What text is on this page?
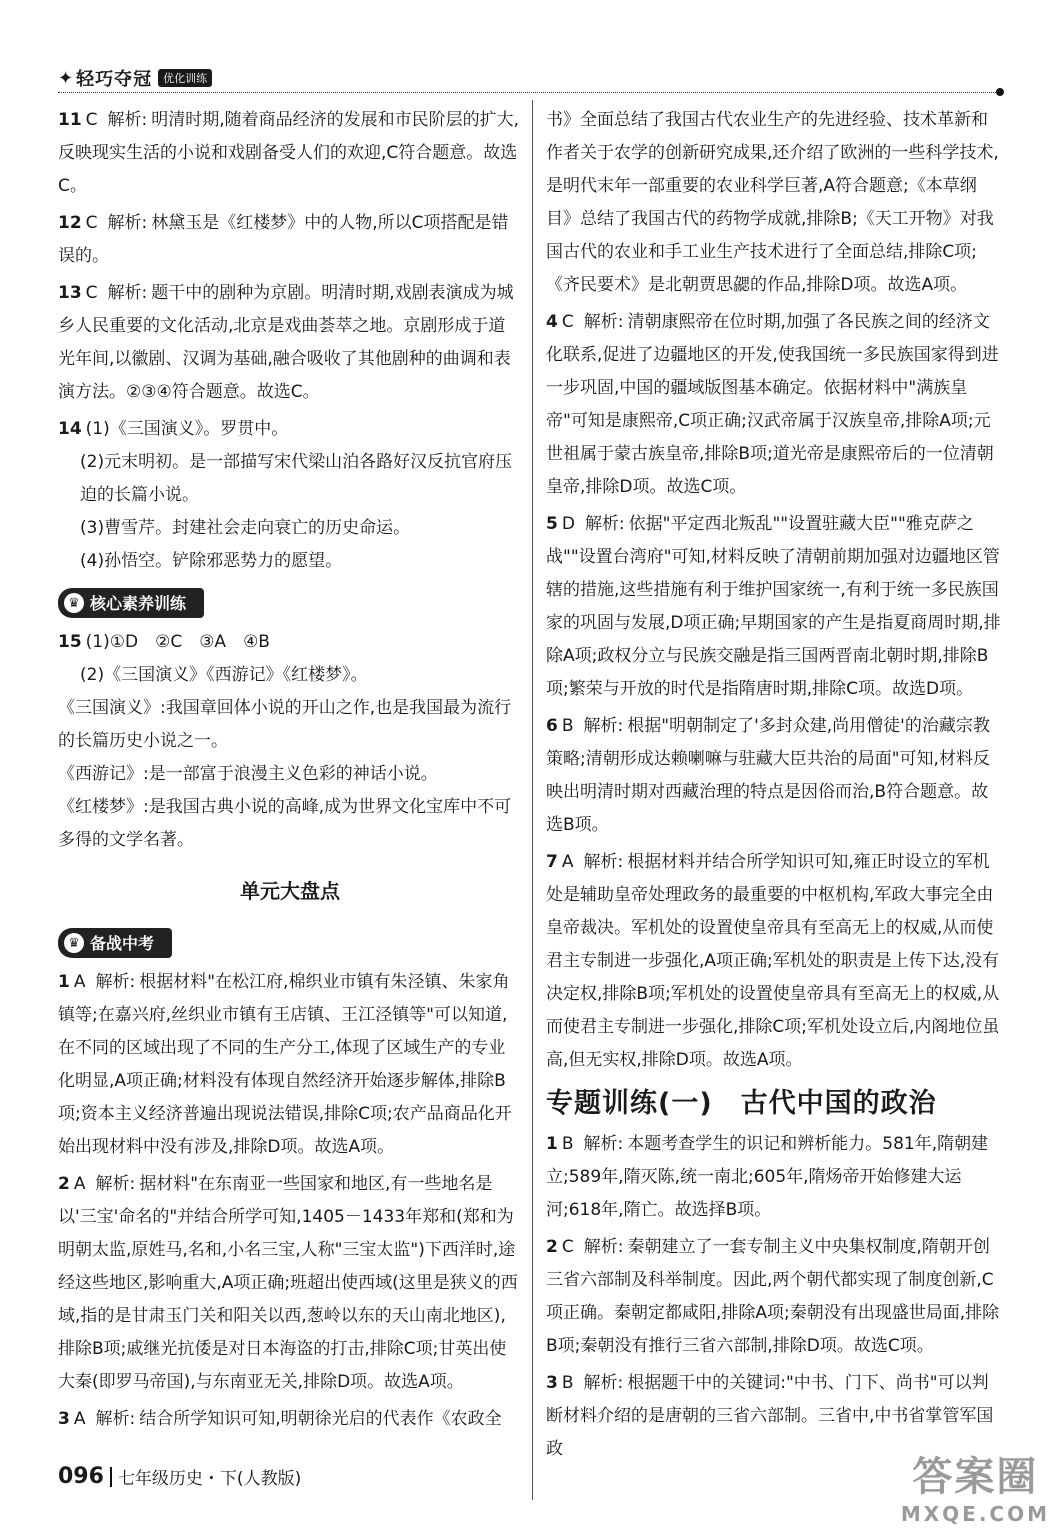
✦ 轻巧夺冠	优化训练
11 C 解析: 明清时期,随着商品经济的发展和市民阶层的扩大,反映现实生活的小说和戏剧备受人们的欢迎,C符合题意。故选C。
12 C 解析: 林黛玉是《红楼梦》中的人物,所以C项搭配是错误的。
13 C 解析: 题干中的剧种为京剧。明清时期,戏剧表演成为城乡人民重要的文化活动,北京是戏曲荟萃之地。京剧形成于道光年间,以徽剧、汉调为基础,融合吸收了其他剧种的曲调和表演方法。②③④符合题意。故选C。
14 (1)《三国演义》。罗贯中。
(2)元末明初。是一部描写宋代梁山泊各路好汉反抗官府压迫的长篇小说。
(3)曹雪芹。封建社会走向衰亡的历史命运。
(4)孙悟空。铲除邪恶势力的愿望。
♛ 核心素养训练
15 (1)①D　②C　③A　④B
(2)《三国演义》《西游记》《红楼梦》。
《三国演义》:我国章回体小说的开山之作,也是我国最为流行的长篇历史小说之一。
《西游记》:是一部富于浪漫主义色彩的神话小说。
《红楼梦》:是我国古典小说的高峰,成为世界文化宝库中不可多得的文学名著。
单元大盘点
♛ 备战中考
1 A 解析: 根据材料"在松江府,棉织业市镇有朱泾镇、朱家角镇等;在嘉兴府,丝织业市镇有王店镇、王江泾镇等"可以知道,在不同的区域出现了不同的生产分工,体现了区域生产的专业化明显,A项正确;材料没有体现自然经济开始逐步解体,排除B项;资本主义经济普遍出现说法错误,排除C项;农产品商品化开始出现材料中没有涉及,排除D项。故选A项。
2 A 解析: 据材料"在东南亚一些国家和地区,有一些地名是以'三宝'命名的"并结合所学可知,1405－1433年郑和(郑和为明朝太监,原姓马,名和,小名三宝,人称"三宝太监")下西洋时,途经这些地区,影响重大,A项正确;班超出使西域(这里是狭义的西域,指的是甘肃玉门关和阳关以西,葱岭以东的天山南北地区),排除B项;戚继光抗倭是对日本海盗的打击,排除C项;甘英出使大秦(即罗马帝国),与东南亚无关,排除D项。故选A项。
3 A 解析: 结合所学知识可知,明朝徐光启的代表作《农政全
书》全面总结了我国古代农业生产的先进经验、技术革新和作者关于农学的创新研究成果,还介绍了欧洲的一些科学技术,是明代末年一部重要的农业科学巨著,A符合题意;《本草纲目》总结了我国古代的药物学成就,排除B;《天工开物》对我国古代的农业和手工业生产技术进行了全面总结,排除C项;《齐民要术》是北朝贾思勰的作品,排除D项。故选A项。
4 C 解析: 清朝康熙帝在位时期,加强了各民族之间的经济文化联系,促进了边疆地区的开发,使我国统一多民族国家得到进一步巩固,中国的疆域版图基本确定。依据材料中"满族皇帝"可知是康熙帝,C项正确;汉武帝属于汉族皇帝,排除A项;元世祖属于蒙古族皇帝,排除B项;道光帝是康熙帝后的一位清朝皇帝,排除D项。故选C项。
5 D 解析: 依据"平定西北叛乱""设置驻藏大臣""雅克萨之战""设置台湾府"可知,材料反映了清朝前期加强对边疆地区管辖的措施,这些措施有利于维护国家统一,有利于统一多民族国家的巩固与发展,D项正确;早期国家的产生是指夏商周时期,排除A项;政权分立与民族交融是指三国两晋南北朝时期,排除B项;繁荣与开放的时代是指隋唐时期,排除C项。故选D项。
6 B 解析: 根据"明朝制定了'多封众建,尚用僧徒'的治藏宗教策略;清朝形成达赖喇嘛与驻藏大臣共治的局面"可知,材料反映出明清时期对西藏治理的特点是因俗而治,B符合题意。故选B项。
7 A 解析: 根据材料并结合所学知识可知,雍正时设立的军机处是辅助皇帝处理政务的最重要的中枢机构,军政大事完全由皇帝裁决。军机处的设置使皇帝具有至高无上的权威,从而使君主专制进一步强化,A项正确;军机处的职责是上传下达,没有决定权,排除B项;军机处的设置使皇帝具有至高无上的权威,从而使君主专制进一步强化,排除C项;军机处设立后,内阁地位虽高,但无实权,排除D项。故选A项。
专题训练(一)　古代中国的政治
1 B 解析: 本题考查学生的识记和辨析能力。581年,隋朝建立;589年,隋灭陈,统一南北;605年,隋炀帝开始修建大运河;618年,隋亡。故选择B项。
2 C 解析: 秦朝建立了一套专制主义中央集权制度,隋朝开创三省六部制及科举制度。因此,两个朝代都实现了制度创新,C项正确。秦朝定都咸阳,排除A项;秦朝没有出现盛世局面,排除B项;秦朝没有推行三省六部制,排除D项。故选C项。
3 B 解析: 根据题干中的关键词:"中书、门下、尚书"可以判断材料介绍的是唐朝的三省六部制。三省中,中书省掌管军国政
096 七年级历史・下(人教版)	答案圈
MXQE.COM
